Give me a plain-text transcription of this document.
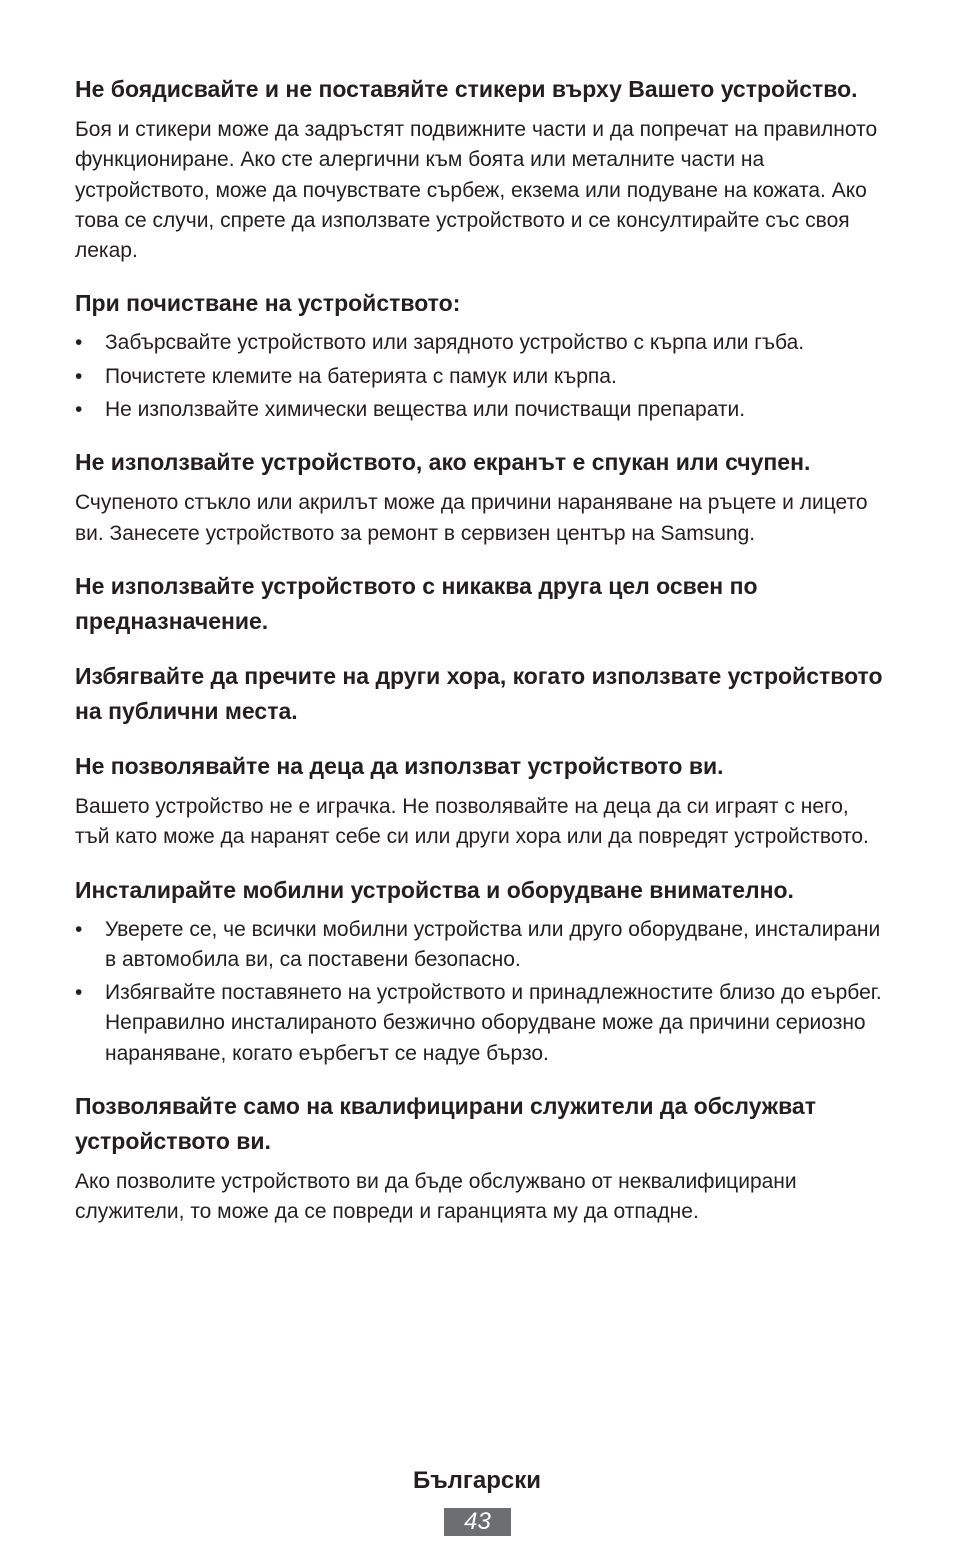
Не боядисвайте и не поставяйте стикери върху Вашето устройство.

Боя и стикери може да задръстят подвижните части и да попречат на правилното функциониране. Ако сте алергични към боята или металните части на устройството, може да почувствате сърбеж, екзема или подуване на кожата. Ако това се случи, спрете да използвате устройството и се консултирайте със своя лекар.

При почистване на устройството:

• Забърсвайте устройството или зарядното устройство с кърпа или гъба.
• Почистете клемите на батерията с памук или кърпа.
• Не използвайте химически вещества или почистващи препарати.

Не използвайте устройството, ако екранът е спукан или счупен.

Счупеното стъкло или акрилът може да причини нараняване на ръцете и лицето ви. Занесете устройството за ремонт в сервизен център на Samsung.

Не използвайте устройството с никаква друга цел освен по предназначение.

Избягвайте да пречите на други хора, когато използвате устройството на публични места.

Не позволявайте на деца да използват устройството ви.

Вашето устройство не е играчка. Не позволявайте на деца да си играят с него, тъй като може да наранят себе си или други хора или да повредят устройството.

Инсталирайте мобилни устройства и оборудване внимателно.

• Уверете се, че всички мобилни устройства или друго оборудване, инсталирани в автомобила ви, са поставени безопасно.
• Избягвайте поставянето на устройството и принадлежностите близо до еърбег. Неправилно инсталираното безжично оборудване може да причини сериозно нараняване, когато еърбегът се надуе бързо.

Позволявайте само на квалифицирани служители да обслужват устройството ви.

Ако позволите устройството ви да бъде обслужвано от неквалифицирани служители, то може да се повреди и гаранцията му да отпадне.

Български
43
